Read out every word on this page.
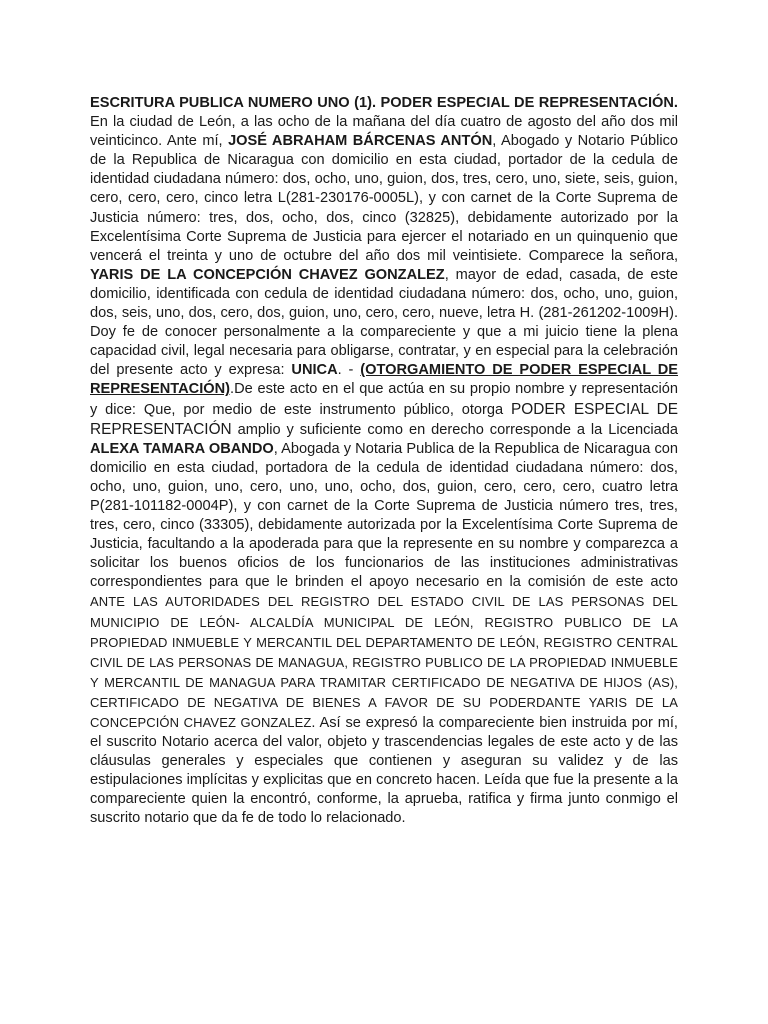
ESCRITURA PUBLICA NUMERO UNO (1). PODER ESPECIAL DE REPRESENTACIÓN. En la ciudad de León, a las ocho de la mañana del día cuatro de agosto del año dos mil veinticinco. Ante mí, JOSÉ ABRAHAM BÁRCENAS ANTÓN, Abogado y Notario Público de la Republica de Nicaragua con domicilio en esta ciudad, portador de la cedula de identidad ciudadana número: dos, ocho, uno, guion, dos, tres, cero, uno, siete, seis, guion, cero, cero, cero, cinco letra L(281-230176-0005L), y con carnet de la Corte Suprema de Justicia número: tres, dos, ocho, dos, cinco (32825), debidamente autorizado por la Excelentísima Corte Suprema de Justicia para ejercer el notariado en un quinquenio que vencerá el treinta y uno de octubre del año dos mil veintisiete. Comparece la señora, YARIS DE LA CONCEPCIÓN CHAVEZ GONZALEZ, mayor de edad, casada, de este domicilio, identificada con cedula de identidad ciudadana número: dos, ocho, uno, guion, dos, seis, uno, dos, cero, dos, guion, uno, cero, cero, nueve, letra H. (281-261202-1009H). Doy fe de conocer personalmente a la compareciente y que a mi juicio tiene la plena capacidad civil, legal necesaria para obligarse, contratar, y en especial para la celebración del presente acto y expresa: UNICA. - (OTORGAMIENTO DE PODER ESPECIAL DE REPRESENTACIÓN).De este acto en el que actúa en su propio nombre y representación y dice: Que, por medio de este instrumento público, otorga PODER ESPECIAL DE REPRESENTACIÓN amplio y suficiente como en derecho corresponde a la Licenciada ALEXA TAMARA OBANDO, Abogada y Notaria Publica de la Republica de Nicaragua con domicilio en esta ciudad, portadora de la cedula de identidad ciudadana número: dos, ocho, uno, guion, uno, cero, uno, uno, ocho, dos, guion, cero, cero, cero, cuatro letra P(281-101182-0004P), y con carnet de la Corte Suprema de Justicia número tres, tres, tres, cero, cinco (33305), debidamente autorizada por la Excelentísima Corte Suprema de Justicia, facultando a la apoderada para que la represente en su nombre y comparezca a solicitar los buenos oficios de los funcionarios de las instituciones administrativas correspondientes para que le brinden el apoyo necesario en la comisión de este acto ANTE LAS AUTORIDADES DEL REGISTRO DEL ESTADO CIVIL DE LAS PERSONAS DEL MUNICIPIO DE LEÓN- ALCALDÍA MUNICIPAL DE LEÓN, REGISTRO PUBLICO DE LA PROPIEDAD INMUEBLE Y MERCANTIL DEL DEPARTAMENTO DE LEÓN, REGISTRO CENTRAL CIVIL DE LAS PERSONAS DE MANAGUA, REGISTRO PUBLICO DE LA PROPIEDAD INMUEBLE Y MERCANTIL DE MANAGUA PARA TRAMITAR CERTIFICADO DE NEGATIVA DE HIJOS (AS), CERTIFICADO DE NEGATIVA DE BIENES A FAVOR DE SU PODERDANTE YARIS DE LA CONCEPCIÓN CHAVEZ GONZALEZ. Así se expresó la compareciente bien instruida por mí, el suscrito Notario acerca del valor, objeto y trascendencias legales de este acto y de las cláusulas generales y especiales que contienen y aseguran su validez y de las estipulaciones implícitas y explicitas que en concreto hacen. Leída que fue la presente a la compareciente quien la encontró, conforme, la aprueba, ratifica y firma junto conmigo el suscrito notario que da fe de todo lo relacionado.
